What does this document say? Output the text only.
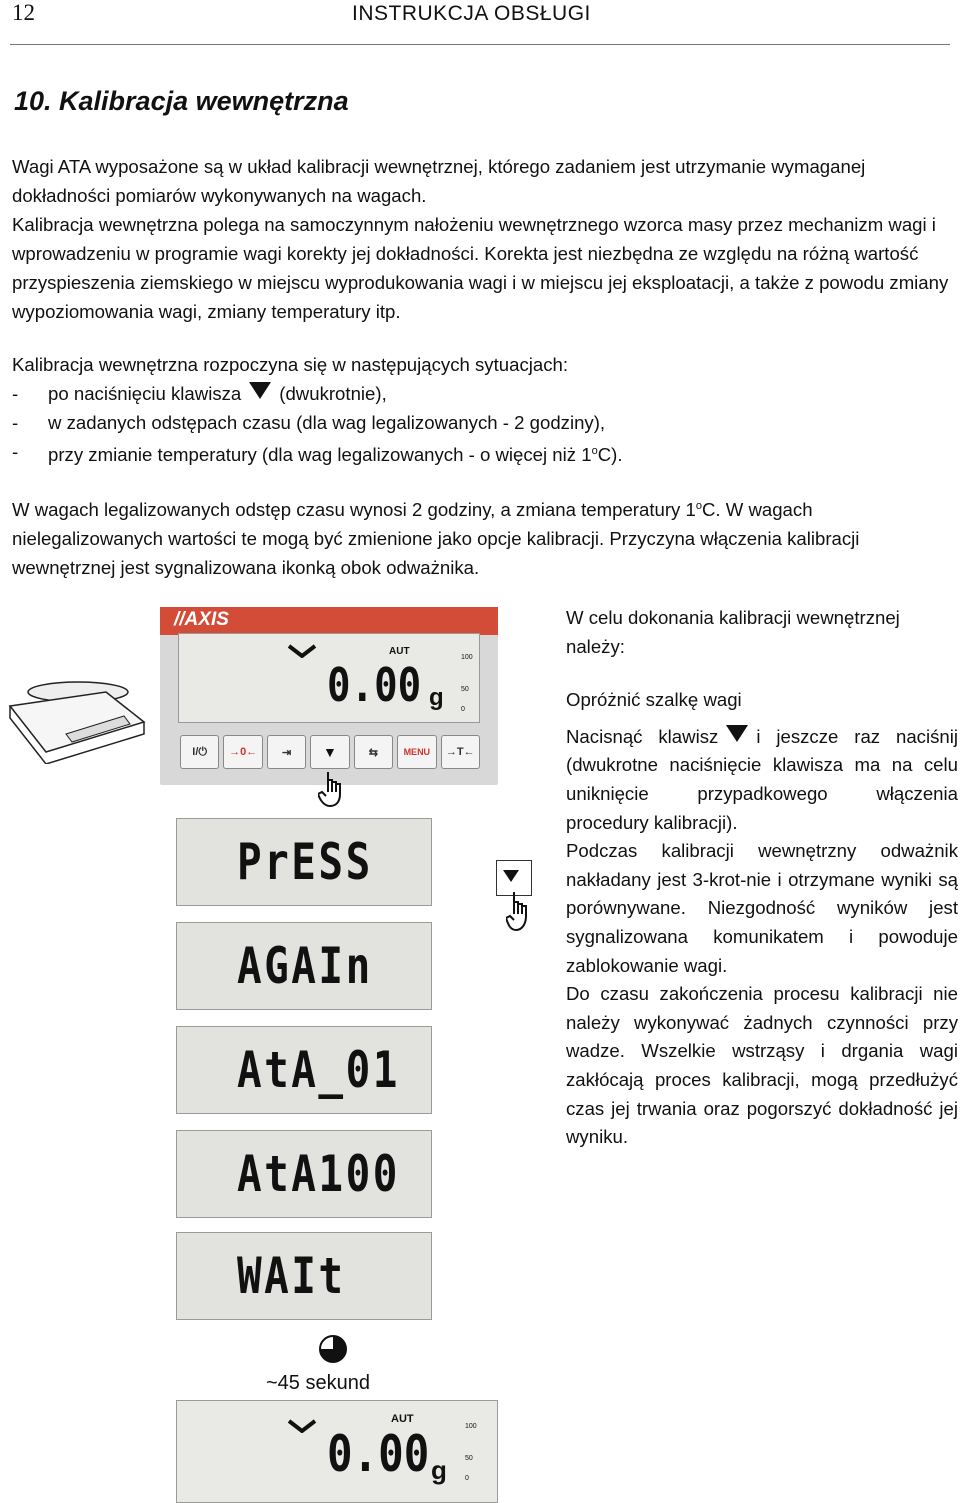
12	INSTRUKCJA OBSŁUGI
10. Kalibracja wewnętrzna

Wagi ATA wyposażone są w układ kalibracji wewnętrznej, którego zadaniem jest utrzymanie wymaganej dokładności pomiarów wykonywanych na wagach.

Kalibracja wewnętrzna polega na samoczynnym nałożeniu wewnętrznego wzorca masy przez mechanizm wagi i wprowadzeniu w programie wagi korekty jej dokładności. Korekta jest niezbędna ze względu na różną wartość przyspieszenia ziemskiego w miejscu wyprodukowania wagi i w miejscu jej eksploatacji, a także z powodu zmiany wypoziomowania wagi, zmiany temperatury itp.

Kalibracja wewnętrzna rozpoczyna się w następujących sytuacjach:

-	po naciśnięciu klawisza (dwukrotnie),
-	w zadanych odstępach czasu (dla wag legalizowanych - 2 godziny),
-	przy zmianie temperatury (dla wag legalizowanych - o więcej niż 1$^o$C).

W wagach legalizowanych odstęp czasu wynosi 2 godziny, a zmiana temperatury 1$^o$C. W wagach nielegalizowanych wartości te mogą być zmienione jako opcje kalibracji. Przyczyna włączenia kalibracji wewnętrznej jest sygnalizowana ikonką obok odważnika.

//AXIS
AUT
0.00 g
100
50
0
I/⏻	→0←	⇥	▼	⇆	MENU	→T←
PrESS
AGAIn
AtA_01
AtA100
WAIt
~45 sekund
AUT
0.00 g
100
50
0

W celu dokonania kalibracji wewnętrznej należy:

Opróżnić szalkę wagi

Nacisnąć klawisz i jeszcze raz naciśnij (dwukrotne naciśnięcie klawisza ma na celu uniknięcie przypadkowego włączenia procedury kalibracji).

Podczas kalibracji wewnętrzny odważnik nakładany jest 3-krot-nie i otrzymane wyniki są porównywane. Niezgodność wyników jest sygnalizowana komunikatem i powoduje zablokowanie wagi.

Do czasu zakończenia procesu kalibracji nie należy wykonywać żadnych czynności przy wadze. Wszelkie wstrząsy i drgania wagi zakłócają proces kalibracji, mogą przedłużyć czas jej trwania oraz pogorszyć dokładność jej wyniku.
